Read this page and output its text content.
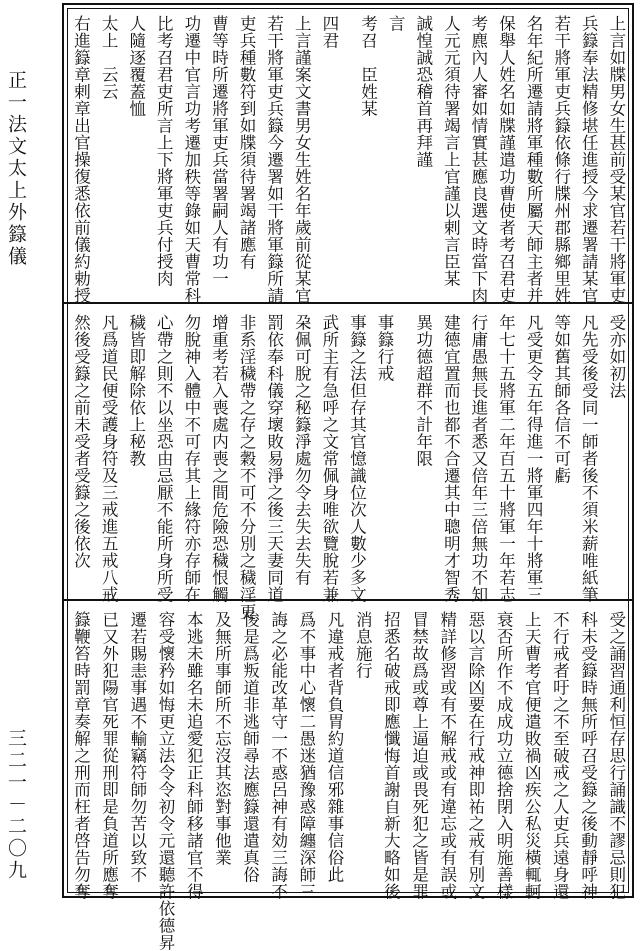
正一法文太上外籙儀
三二一－二〇九
上言如牒男女生甚前受某官若干將軍吏
兵籙奉法精修堪任進授今求遷署請某官
若干將軍吏兵籙依條行牒州郡縣鄉里姓
名年紀所遷請將軍種數所屬天師主者并
保舉人姓名如牒謹遣功曹使者考召君吏
考麃內人審如情實甚應良選文時當下肉
人元元須待署竭言上官謹以剌言臣某
誠惶誠恐稽首再拜謹
言
考召　臣姓某
四君
上言謹案文書男女生姓名年歲前從某官
若干將軍吏兵籙今遷署如干將軍籙所請
吏兵種數符到如牒須待署竭諸應有
曹等時所遷將軍吏兵當署嗣人有功一
功遷中官言功考遷加秩等錄如天曹常科
比考召君吏所言上下將軍吏兵付授肉
人隨逐覆蓋恤
太上　云云
右進籙章剌章出官操復悉依前儀約勅授
受亦如初法
凡先受後受同一師者後不須米薪唯紙筆
等如舊其師各信不可虧
凡受更令五年得進一將軍四年十將軍三
年七十五將軍二年百五十將軍一年若志
行庸愚無長進者悉又倍年三倍無功不知
建德宜置而也都不合遷其中聰明才智秀
異功德超群不計年限
事籙行戒
事籙之法但存其官憶識位次人數少多文
武所主有急呼之文常佩身唯欲覽脫若兼
朶佩可脫之秘籙淨處勿令去失去失有
罰依奉科儀穿壞敗易淨之後三天妻同道
非系淫穢帶之存之穀不可不分別之穢淫更
增重考若入喪處内喪之間危險恐穢恨觸
勿脫神入體中不可存其上緣符亦存師在
心帶之則不以坐恐由忌厭不能所身所受
穢皆即解除依上秘教
凡爲道民便受護身符及三戒進五戒八戒
然後受籙之前未受者受籙之後依次
受之誦習通利恒存思行誦識不謬忌則犯
科未受籙時無所呼召受籙之後動靜呼神
不行戒者吁之不至破戒之人吏兵遠身還
上天曹考官便遣敗禍凶疾公私災橫輒軻
衰否所作不成成功立德捨閉入明施善樣
惡以言除凶要在行戒神即祐之戒有別文
精詳修習或有不解戒或有違忘或有誤或
冒禁故爲或尊上逼迫或畏死犯之皆是罪
招悉名破戒即應懺悔首謝自新大略如後
消息施行
凡違戒者背負胃約道信邪雜事信俗此
爲不事中心懷二愚迷猶豫惑障纏深師三
誨之必能改革守一不惑呂神有効三誨不
悛是爲叛道非逃師尋法應籙還遣真俗
及無所事師所不忘沒其恣對事他業
本逃未雖名未追愛犯正科師移諸官不得
容受懷矜如悔更立法令令初令元還聽許依德昇
遷若賜恚事遇不輸竊符師勿苦以致不
已又外犯陽官死罪從刑即是負道所應奪
籙鞭笞時罰章奏解之刑而枉者啓告勿奪
